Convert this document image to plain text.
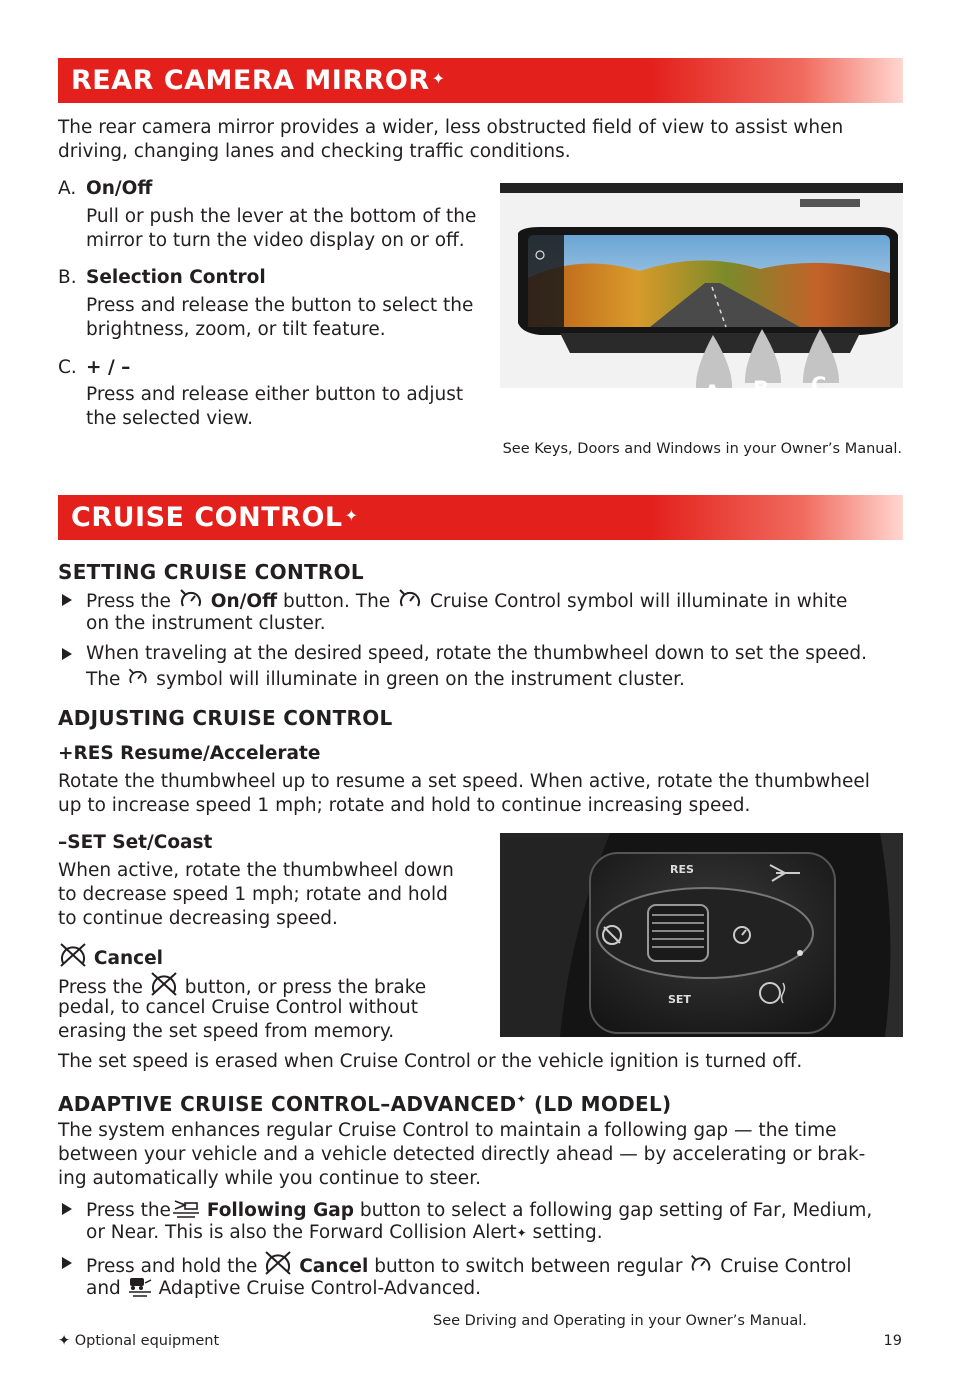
REAR CAMERA MIRROR ✦
The rear camera mirror provides a wider, less obstructed field of view to assist when
driving, changing lanes and checking traffic conditions.
A. On/Off
Pull or push the lever at the bottom of the
mirror to turn the video display on or off.
B. Selection Control
Press and release the button to select the
brightness, zoom, or tilt feature.
C. + / –
Press and release either button to adjust
the selected view.
A B C
See Keys, Doors and Windows in your Owner’s Manual.
CRUISE CONTROL ✦
SETTING CRUISE CONTROL
Press the On/Off button. The Cruise Control symbol will illuminate in white
on the instrument cluster.
When traveling at the desired speed, rotate the thumbwheel down to set the speed.
The symbol will illuminate in green on the instrument cluster.
ADJUSTING CRUISE CONTROL
+RES Resume/Accelerate
Rotate the thumbwheel up to resume a set speed. When active, rotate the thumbwheel
up to increase speed 1 mph; rotate and hold to continue increasing speed.
–SET Set/Coast
When active, rotate the thumbwheel down
to decrease speed 1 mph; rotate and hold
to continue decreasing speed.
Cancel
Press the button, or press the brake
pedal, to cancel Cruise Control without
erasing the set speed from memory.
RES
SET
The set speed is erased when Cruise Control or the vehicle ignition is turned off.
ADAPTIVE CRUISE CONTROL–ADVANCED✦ (LD MODEL)
The system enhances regular Cruise Control to maintain a following gap — the time
between your vehicle and a vehicle detected directly ahead — by accelerating or brak-
ing automatically while you continue to steer.
Press the Following Gap button to select a following gap setting of Far, Medium,
or Near. This is also the Forward Collision Alert✦ setting.
Press and hold the Cancel button to switch between regular Cruise Control
and Adaptive Cruise Control-Advanced.
See Driving and Operating in your Owner’s Manual.
✦ Optional equipment	19
